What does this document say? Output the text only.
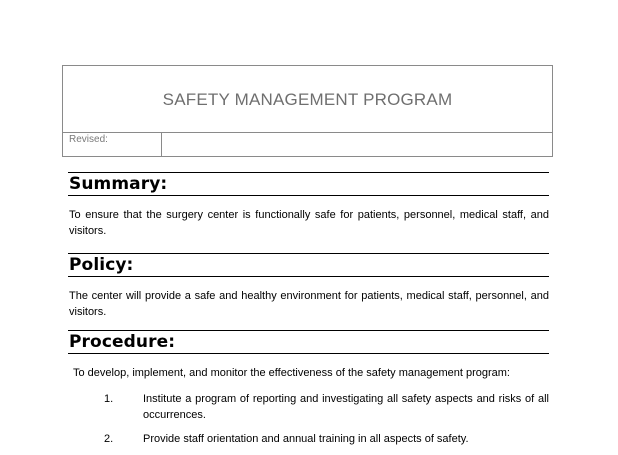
SAFETY MANAGEMENT PROGRAM
Revised:
Summary:
To ensure that the surgery center is functionally safe for patients, personnel, medical staff, and visitors.
Policy:
The center will provide a safe and healthy environment for patients, medical staff, personnel, and visitors.
Procedure:
To develop, implement, and monitor the effectiveness of the safety management program:
1.	Institute a program of reporting and investigating all safety aspects and risks of all occurrences.
2.	Provide staff orientation and annual training in all aspects of safety.
